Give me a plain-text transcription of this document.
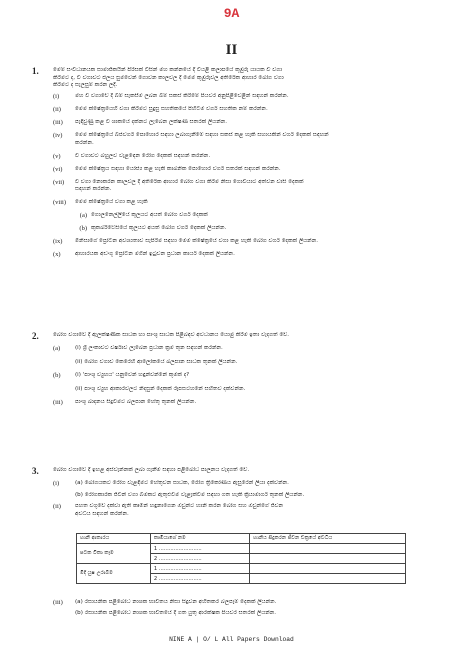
9A
II
1.	මෙම් සංවිධානයක සාමාජිකයින් පිරිසක් විසින් මහ කන්නයේ දී වියළි කලාපයේ කුඹුරු යායක වී වගා
කිරීමට ද, වී වගාවට ජලය සුමවෙන් ගොවන කාලවල දී මෙම කුඹුරුවල අතිරේක ආහාර බෝග වගා
කිරීමට ද සැලසුම් කරන ලදී.
(i)	මහ වී වගාවේ දී බිම් සැකසීම ලබන බිම් සකස් කිරීමේ පියවර අනුපිළිවෙළින් සඳහන් කරන්න.
(ii)	මෙම ක්ෂේත්‍රයෙහි වගා කිරීමට සුදුසු සහතිකයේ පිහිටීම වර්ග සහතික නම් කරන්න.
(iii)	පැඳිවුණු කළ වී ශාකයේ දක්නට ලැබෙන ලක්ෂණ සතරක් ලියන්න.
(iv)	මෙම ක්ෂේත්‍රයේ බීජවර්ග පොහොර සඳහා ලබාගැනීමේ සඳහා සකස් කළ හැකි සහායකින් වර්ග දෙකක් සඳහන්
කරන්න.
(v)	වී වගාවට බහුලව වැළඳෙන රෝග දෙකක් සඳහන් කරන්න.
(vi)	මෙම ක්ෂේත්‍රය සඳහා යෝජ්‍ය කළ හැකි කාබනික පොහොර වර්ග සතරක් සඳහන් කරන්න.
(vii)	වී වගා නොකරන කාලවල දී අතිරේක ආහාර බෝග වගා කිරීම නිසා ගොවියාට අත්වන වාසි දෙකක්
සඳහන් කරන්න.
(viii)	මෙම ක්ෂේත්‍රයේ වගා කළ හැකි
(a) ගොලනෙල්ලියේ කුලයට අයත් බෝග වර්ග දෙකක්
(b) කුකර්බිටේසියේ කුලයට අයත් බෝග වර්ග දෙකක් ලියන්න.
(ix)	මිනිසාගේ ප්‍රෝටීන අවශ්‍යතාව සැපිරීම සඳහා මෙම ක්ෂේත්‍රයේ වගා කළ හැකි බෝග වර්ග දෙකක් ලියන්න.
(x)	ආහාරයක අඩංගු ප්‍රෝටීන මගින් ඉටුවන ප්‍රධාන කාර්ය දෙකක් ලියන්න.
2.	බෝග වගාවේ දී ඇලක්ෂණික සාධක හා පාංශු සාධක පිළිබඳව අවධානය යොමු කිරීම ඉතා වැදගත් වේ.
(a)	(i) ශ්‍රී ලංකාවට වර්ෂාව ලැබෙන ප්‍රධාන ක්‍රම තුන සඳහන් කරන්න.
(ii) බෝග වගාව කෙරෙහි ආලෝකයේ බලපාන සාධක තුනක් ලියන්න.
(b)	(i) 'පාංශු ව්‍යුහය' යනුවෙන් හඳුන්වන්නේ කුමක් ද?
(ii) පාංශු ව්‍යුහ ආකාරවලට නිදසුන් දෙකක් රූපසටහනේ සහිතව දක්වන්න.
(iii)	පාංශු ඛාදනය සිදුවීමට බලපාන හේතු තුනක් ලියන්න.
3.	බෝග වගාවේ දී ඉහළ අස්වැන්නක් ලබා ගැනීම සඳහා පළිබෝධ පාලනය වැදගත් වේ.
(i)	(a) බෝගයකට රෝග වැළඳීමට හේතුවන සාධක, රෝග ත්‍රිකෝණය ඇසුරෙන් ලියා දක්වන්න.
(b) රෝගකාරක ජීවීන් වගා බිමකට ඇතුළුවීම වැළැක්වීම සඳහා ගත හැකි ක්‍රියාමාර්ග තුනක් ලියන්න.
(ii)	පහත වගුවේ දක්වා ඇති කෘමීන් හඳුනාගෙන ඔවුන්ට හානි කරන බෝග සහ ඔවුන්ගේ ජීවන
අවධිය සඳහන් කරන්න.
හානි ආකාරය	කෘමියාගේ නම	හානිය සිදුකරන ජීවන චක්‍රයේ අවධිය
පටක විකා කෑම	1 ..........................	
	2 ..........................	
මිදි යුෂ උරාබීම	1 ..........................	
	2 ..........................	
(iii)	(a) රසායනික පළිබෝධ නාශක භාවිතය නිසා සිදුවන අහිතකර බලපෑම් දෙකක් ලියන්න.
(b) රසායනික පළිබෝධ නාශක භාවිතයේ දී ගත යුතු ආරක්ෂක පියවර සතරක් ලියන්න.
NINE A | O/ L All Papers Download
